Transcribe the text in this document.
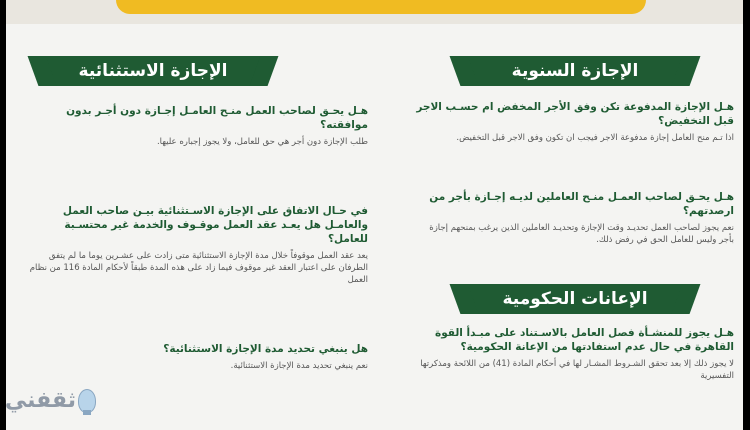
الإجازة السنوية
هـل الإجازة المدفوعة تكن وفق الأجر المخفض ام حسـب الاجر قبل التخفيض؟
اذا تـم منح العامل إجازة مدفوعة الاجر فيجب ان تكون وفق الاجر قبل التخفيض.
هـل يحـق لصاحب العمـل منـح العاملين لديـه إجـازة بأجر من ارصدتهم؟
نعم يجوز لصاحب العمل تحديـد وقت الإجازة وتحديـد العاملين الذين يرغب بمنحهم إجازة بأجر وليس للعامل الحق في رفض ذلك.
الإعانات الحكومية
هـل يجوز للمنشـأة فصل العامل بالاسـتناد على مبـدأ القوة القاهرة في حال عدم استفادتها من الإعانة الحكومية؟
لا يجوز ذلك إلا بعد تحقق الشـروط المشـار لها في أحكام المادة (41) من اللائحة ومذكرتها التفسيرية
الإجازة الاستثنائية
هـل يحـق لصاحب العمل منـح العامـل إجـازة دون أجـر بدون موافقته؟
طلب الإجازة دون أجر هي حق للعامل، ولا يجوز إجباره عليها.
في حـال الاتفاق على الإجازة الاسـتثنائية بيـن صاحب العمل والعامـل هل يعـد عقد العمل موقـوف والخدمة غير محتسـبة للعامل؟
يعد عقد العمل موقوفاً خلال مدة الإجازة الاستثنائية متى زادت على عشـرين يوما ما لم يتفق الطرفان على اعتبار العقد غير موقوف فيما زاد على هذه المدة طبقاً لأحكام المادة 116 من نظام العمل
هل ينبغي تحديد مدة الإجازة الاستثنائية؟
نعم ينبغي تحديد مدة الإجازة الاستثنائية.
ثقفني
